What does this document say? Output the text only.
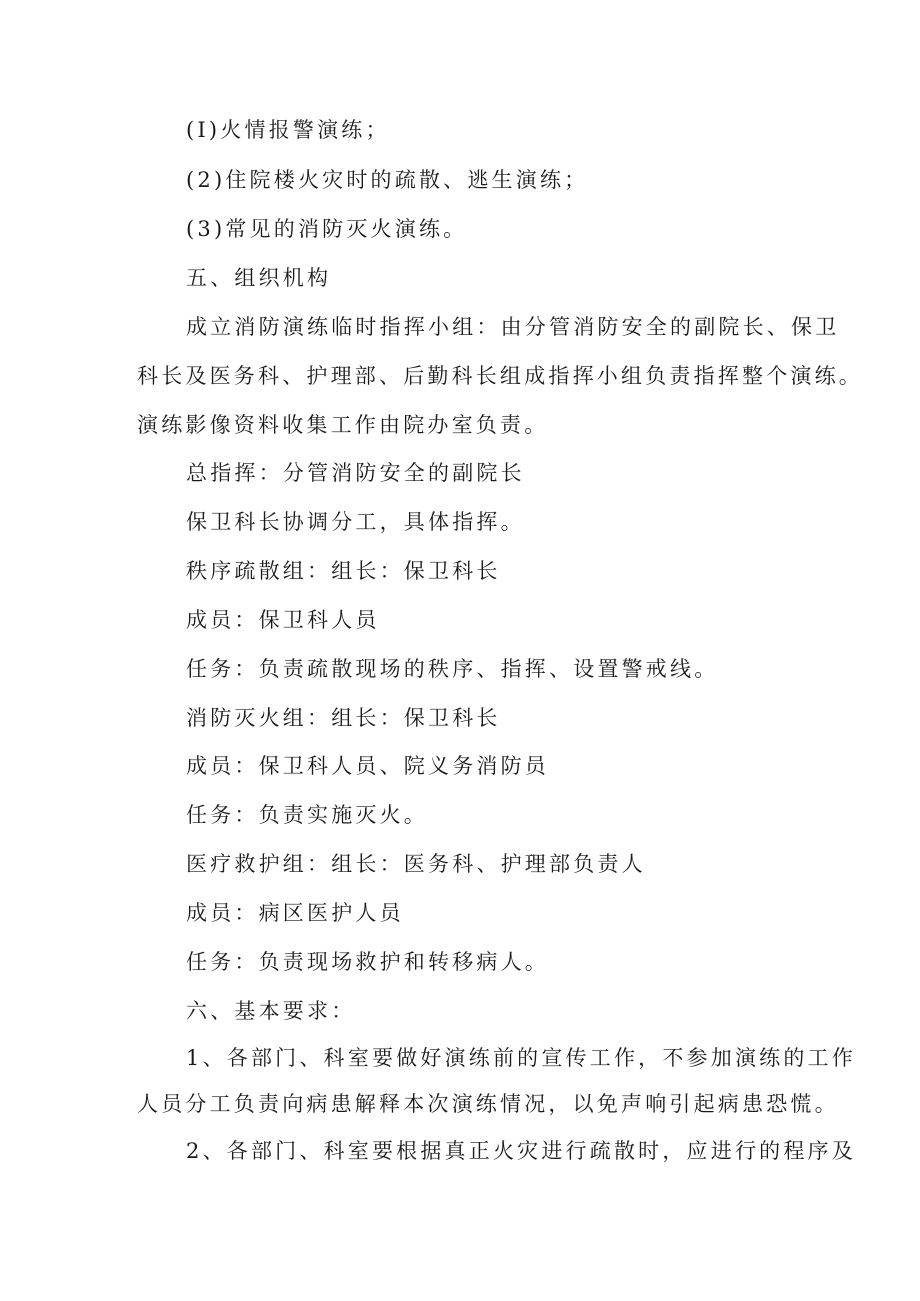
(I)火情报警演练；
(2)住院楼火灾时的疏散、逃生演练；
(3)常见的消防灭火演练。
五、组织机构
成立消防演练临时指挥小组：由分管消防安全的副院长、保卫
科长及医务科、护理部、后勤科长组成指挥小组负责指挥整个演练。
演练影像资料收集工作由院办室负责。
总指挥：分管消防安全的副院长
保卫科长协调分工，具体指挥。
秩序疏散组：组长：保卫科长
成员：保卫科人员
任务：负责疏散现场的秩序、指挥、设置警戒线。
消防灭火组：组长：保卫科长
成员：保卫科人员、院义务消防员
任务：负责实施灭火。
医疗救护组：组长：医务科、护理部负责人
成员：病区医护人员
任务：负责现场救护和转移病人。
六、基本要求：
1、各部门、科室要做好演练前的宣传工作，不参加演练的工作
人员分工负责向病患解释本次演练情况，以免声响引起病患恐慌。
2、各部门、科室要根据真正火灾进行疏散时，应进行的程序及
